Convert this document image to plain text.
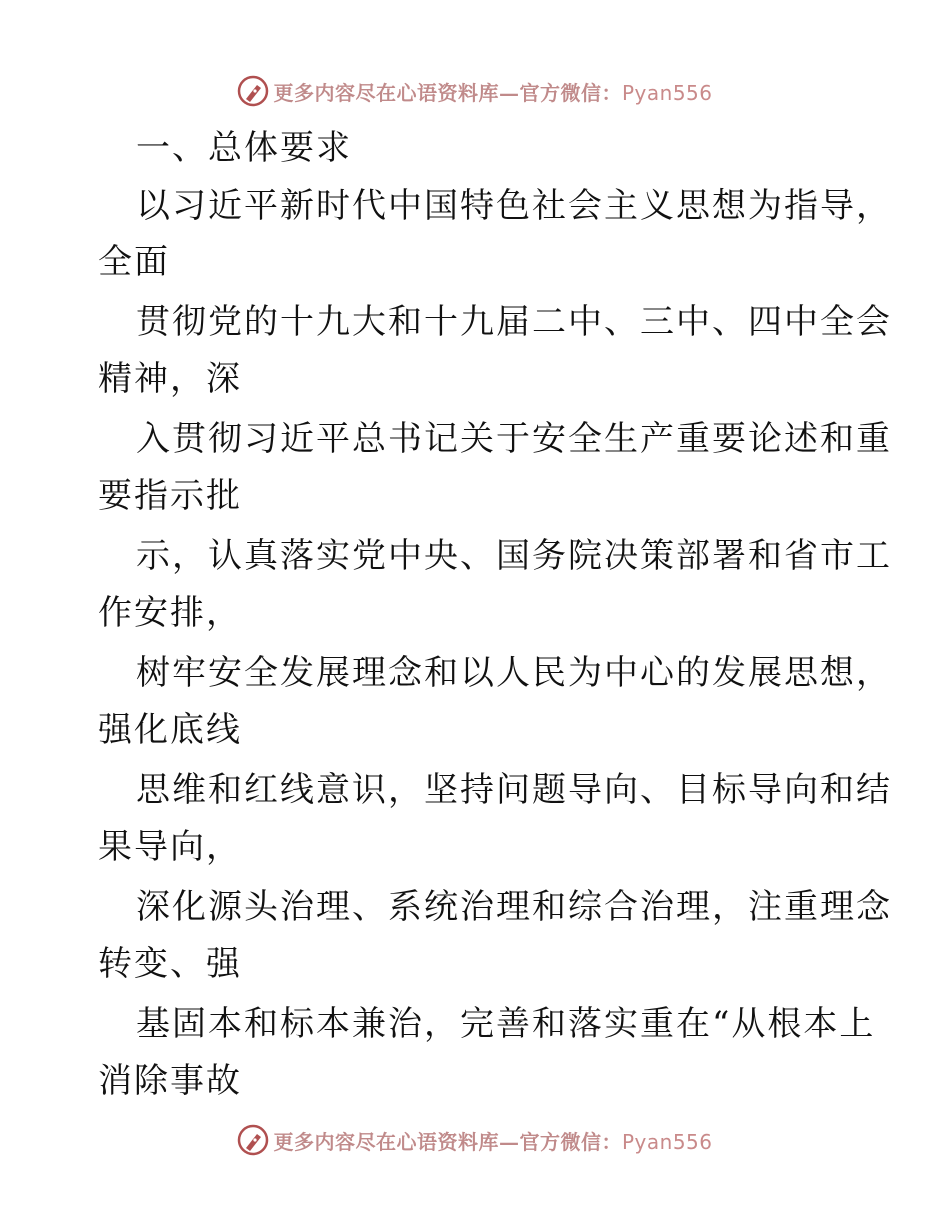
更多内容尽在心语资料库—官方微信：Pyan556
一、总体要求
以习近平新时代中国特色社会主义思想为指导，
全面
贯彻党的十九大和十九届二中、三中、四中全会
精神，深
入贯彻习近平总书记关于安全生产重要论述和重
要指示批
示，认真落实党中央、国务院决策部署和省市工
作安排，
树牢安全发展理念和以人民为中心的发展思想，
强化底线
思维和红线意识，坚持问题导向、目标导向和结
果导向，
深化源头治理、系统治理和综合治理，注重理念
转变、强
基固本和标本兼治，完善和落实重在“从根本上
消除事故
更多内容尽在心语资料库—官方微信：Pyan556
